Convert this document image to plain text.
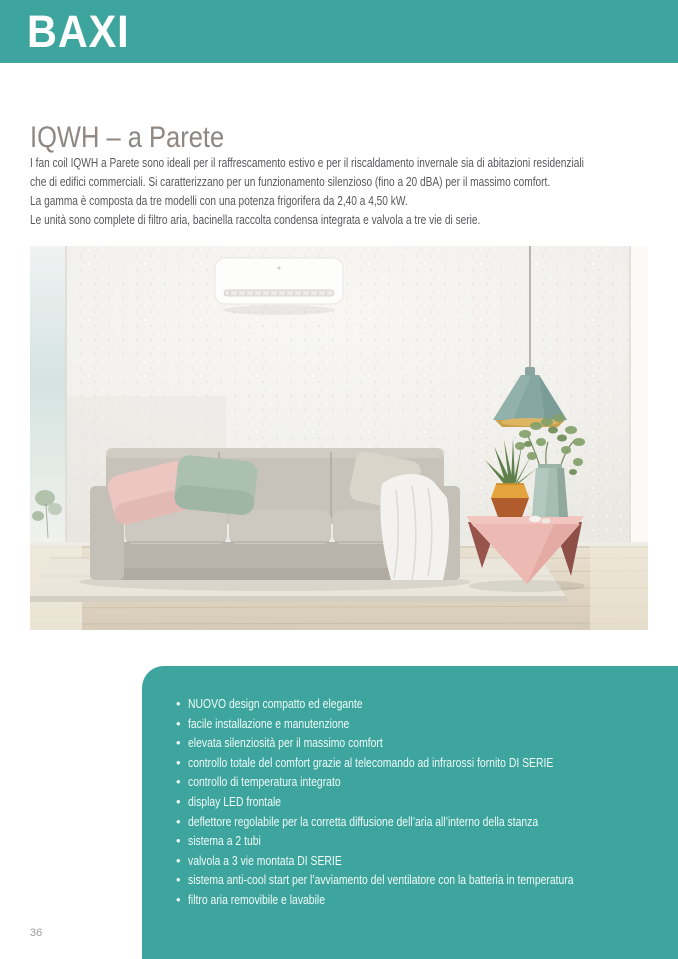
BAXI
IQWH – a Parete
I fan coil IQWH a Parete sono ideali per il raffrescamento estivo e per il riscaldamento invernale sia di abitazioni residenziali
che di edifici commerciali. Si caratterizzano per un funzionamento silenzioso (fino a 20 dBA) per il massimo comfort.
La gamma è composta da tre modelli con una potenza frigorifera da 2,40 a 4,50 kW.
Le unità sono complete di filtro aria, bacinella raccolta condensa integrata e valvola a tre vie di serie.
• NUOVO design compatto ed elegante
• facile installazione e manutenzione
• elevata silenziosità per il massimo comfort
• controllo totale del comfort grazie al telecomando ad infrarossi fornito DI SERIE
• controllo di temperatura integrato
• display LED frontale
• deflettore regolabile per la corretta diffusione dell’aria all’interno della stanza
• sistema a 2 tubi
• valvola a 3 vie montata DI SERIE
• sistema anti-cool start per l’avviamento del ventilatore con la batteria in temperatura
• filtro aria removibile e lavabile
36
